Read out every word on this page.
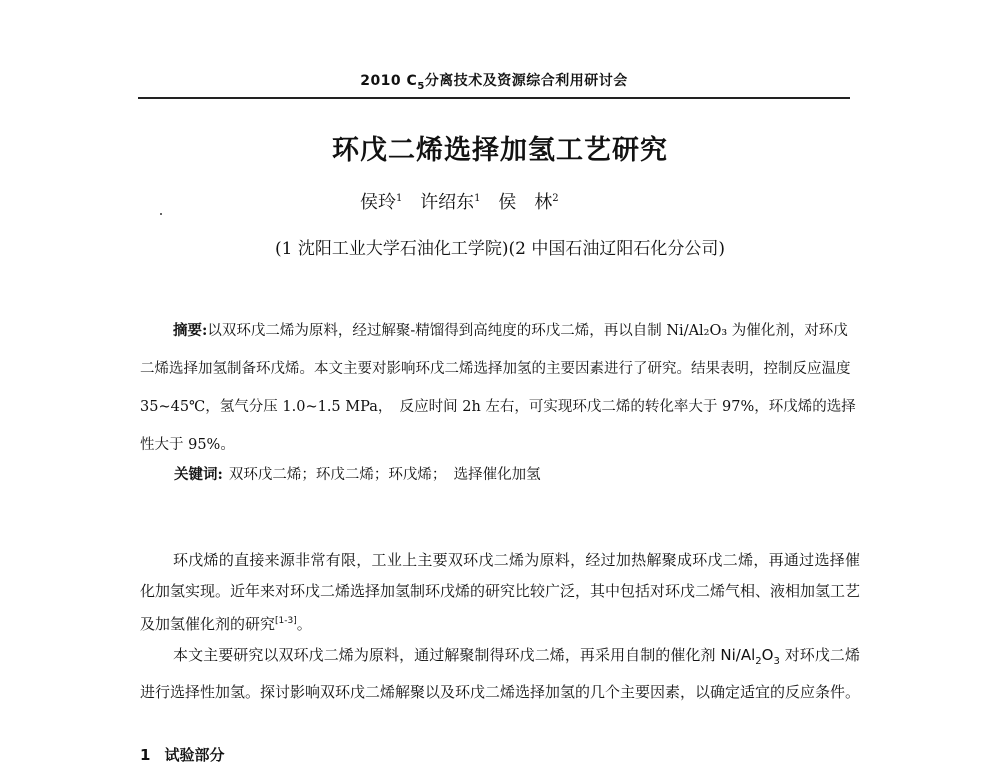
2010 $C_5$分离技术及资源综合利用研讨会
环戊二烯选择加氢工艺研究
侯玲$^1$ 许绍东$^1$ 侯　林$^2$
(1 沈阳工业大学石油化工学院)(2 中国石油辽阳石化分公司)
摘要:以双环戊二烯为原料，经过解聚-精馏得到高纯度的环戊二烯，再以自制 Ni/Al₂O₃ 为催化剂，对环戊二烯选择加氢制备环戊烯。本文主要对影响环戊二烯选择加氢的主要因素进行了研究。结果表明，控制反应温度 35~45℃，氢气分压 1.0~1.5 MPa，　反应时间 2h 左右，可实现环戊二烯的转化率大于 97%，环戊烯的选择性大于 95%。
关键词: 双环戊二烯；环戊二烯；环戊烯；　选择催化加氢

环戊烯的直接来源非常有限，工业上主要双环戊二烯为原料，经过加热解聚成环戊二烯，再通过选择催化加氢实现。近年来对环戊二烯选择加氢制环戊烯的研究比较广泛，其中包括对环戊二烯气相、液相加氢工艺及加氢催化剂的研究[1-3]。

本文主要研究以双环戊二烯为原料，通过解聚制得环戊二烯，再采用自制的催化剂 $Ni/Al_2O_3$ 对环戊二烯进行选择性加氢。探讨影响双环戊二烯解聚以及环戊二烯选择加氢的几个主要因素，以确定适宜的反应条件。

1 试验部分
